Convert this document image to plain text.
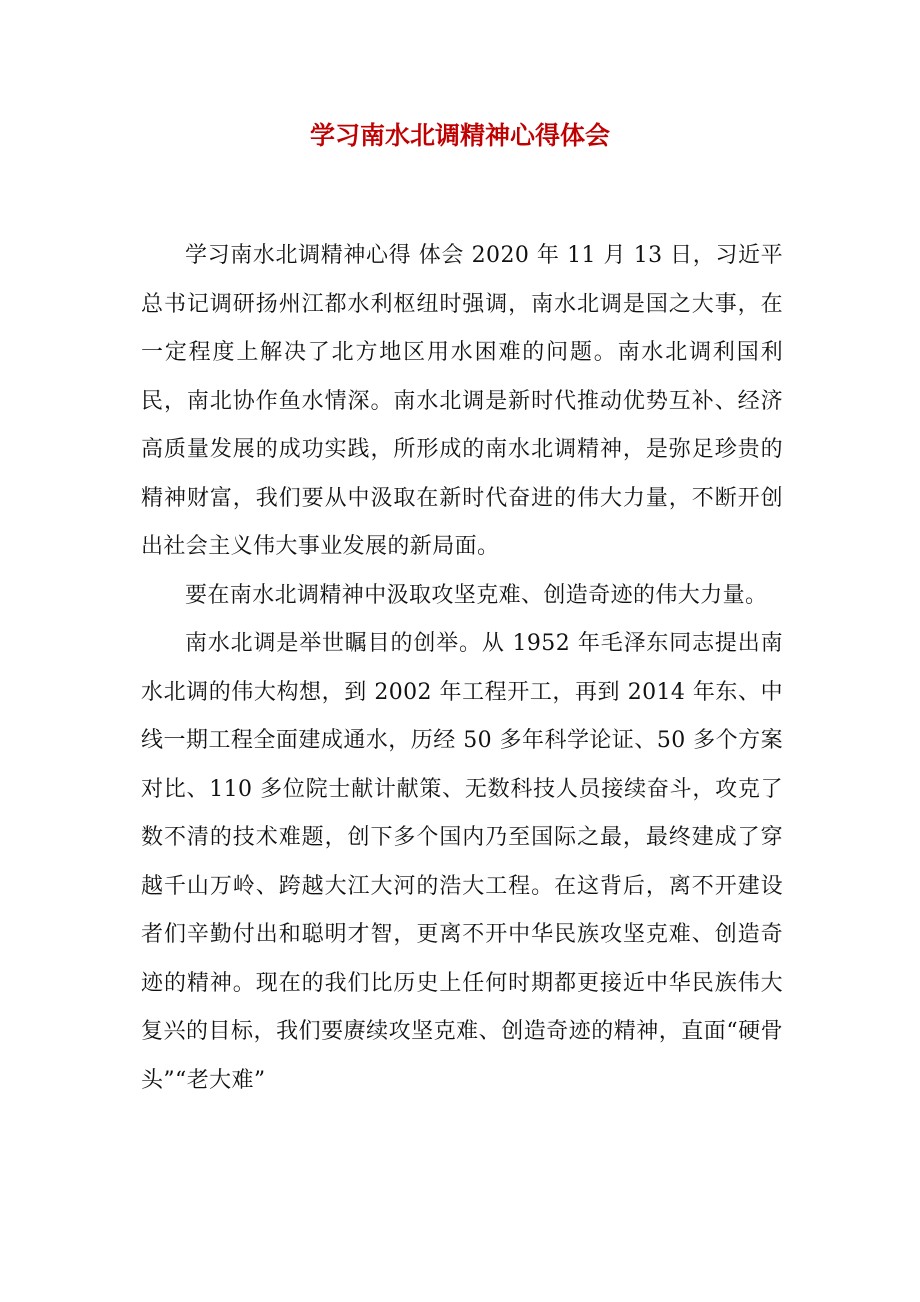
学习南水北调精神心得体会

学习南水北调精神心得 体会 2020 年 11 月 13 日，习近平总书记调研扬州江都水利枢纽时强调，南水北调是国之大事，在一定程度上解决了北方地区用水困难的问题。南水北调利国利民，南北协作鱼水情深。南水北调是新时代推动优势互补、经济高质量发展的成功实践，所形成的南水北调精神，是弥足珍贵的精神财富，我们要从中汲取在新时代奋进的伟大力量，不断开创出社会主义伟大事业发展的新局面。

要在南水北调精神中汲取攻坚克难、创造奇迹的伟大力量。

南水北调是举世瞩目的创举。从 1952 年毛泽东同志提出南水北调的伟大构想，到 2002 年工程开工，再到 2014 年东、中线一期工程全面建成通水，历经 50 多年科学论证、50 多个方案对比、110 多位院士献计献策、无数科技人员接续奋斗，攻克了数不清的技术难题，创下多个国内乃至国际之最，最终建成了穿越千山万岭、跨越大江大河的浩大工程。在这背后，离不开建设者们辛勤付出和聪明才智，更离不开中华民族攻坚克难、创造奇迹的精神。现在的我们比历史上任何时期都更接近中华民族伟大复兴的目标，我们要赓续攻坚克难、创造奇迹的精神，直面“硬骨头”“老大难”
